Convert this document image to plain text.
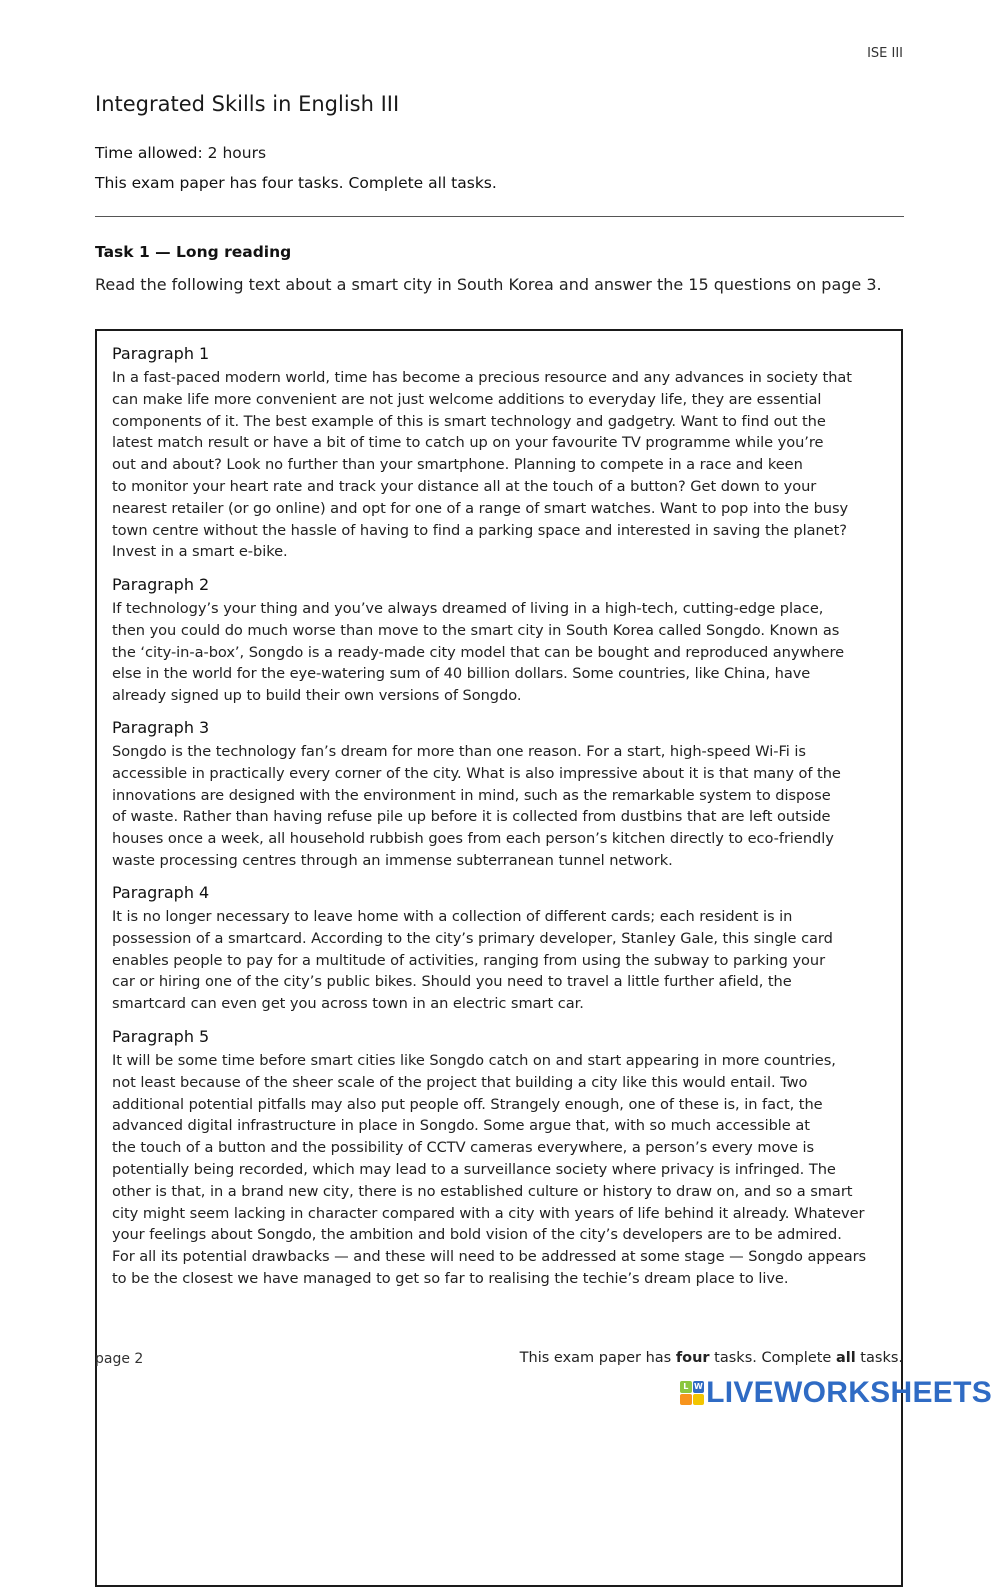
ISE III
Integrated Skills in English III
Time allowed: 2 hours
This exam paper has four tasks. Complete all tasks.
Task 1 — Long reading
Read the following text about a smart city in South Korea and answer the 15 questions on page 3.

Paragraph 1

In a fast-paced modern world, time has become a precious resource and any advances in society that
can make life more convenient are not just welcome additions to everyday life, they are essential
components of it. The best example of this is smart technology and gadgetry. Want to find out the
latest match result or have a bit of time to catch up on your favourite TV programme while you’re
out and about? Look no further than your smartphone. Planning to compete in a race and keen
to monitor your heart rate and track your distance all at the touch of a button? Get down to your
nearest retailer (or go online) and opt for one of a range of smart watches. Want to pop into the busy
town centre without the hassle of having to find a parking space and interested in saving the planet?
Invest in a smart e-bike.

Paragraph 2

If technology’s your thing and you’ve always dreamed of living in a high-tech, cutting-edge place,
then you could do much worse than move to the smart city in South Korea called Songdo. Known as
the ‘city-in-a-box’, Songdo is a ready-made city model that can be bought and reproduced anywhere
else in the world for the eye-watering sum of 40 billion dollars. Some countries, like China, have
already signed up to build their own versions of Songdo.

Paragraph 3

Songdo is the technology fan’s dream for more than one reason. For a start, high-speed Wi-Fi is
accessible in practically every corner of the city. What is also impressive about it is that many of the
innovations are designed with the environment in mind, such as the remarkable system to dispose
of waste. Rather than having refuse pile up before it is collected from dustbins that are left outside
houses once a week, all household rubbish goes from each person’s kitchen directly to eco-friendly
waste processing centres through an immense subterranean tunnel network.

Paragraph 4

It is no longer necessary to leave home with a collection of different cards; each resident is in
possession of a smartcard. According to the city’s primary developer, Stanley Gale, this single card
enables people to pay for a multitude of activities, ranging from using the subway to parking your
car or hiring one of the city’s public bikes. Should you need to travel a little further afield, the
smartcard can even get you across town in an electric smart car.

Paragraph 5

It will be some time before smart cities like Songdo catch on and start appearing in more countries,
not least because of the sheer scale of the project that building a city like this would entail. Two
additional potential pitfalls may also put people off. Strangely enough, one of these is, in fact, the
advanced digital infrastructure in place in Songdo. Some argue that, with so much accessible at
the touch of a button and the possibility of CCTV cameras everywhere, a person’s every move is
potentially being recorded, which may lead to a surveillance society where privacy is infringed. The
other is that, in a brand new city, there is no established culture or history to draw on, and so a smart
city might seem lacking in character compared with a city with years of life behind it already. Whatever
your feelings about Songdo, the ambition and bold vision of the city’s developers are to be admired.
For all its potential drawbacks — and these will need to be addressed at some stage — Songdo appears
to be the closest we have managed to get so far to realising the techie’s dream place to live.

page 2	This exam paper has four tasks. Complete all tasks.
L W LIVEWORKSHEETS
